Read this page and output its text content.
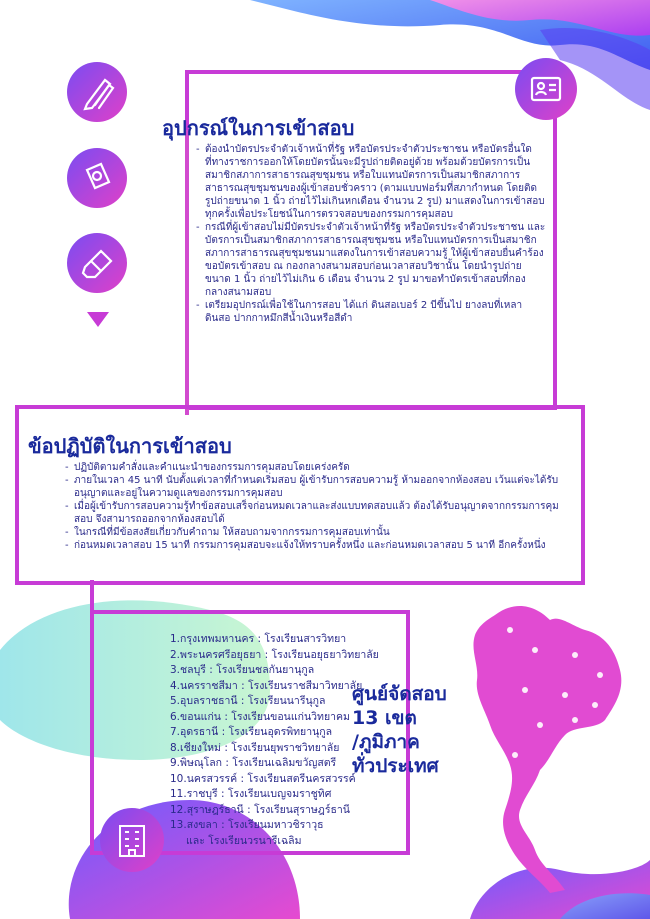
อุปกรณ์ในการเข้าสอบ
- ต้องนำบัตรประจำตัวเจ้าหน้าที่รัฐ หรือบัตรประจำตัวประชาชน หรือบัตรอื่นใดที่ทางราชการออกให้โดยบัตรนั้นจะมีรูปถ่ายติดอยู่ด้วย พร้อมด้วยบัตรการเป็นสมาชิกสภาการสาธารณสุขชุมชน หรือใบแทนบัตรการเป็นสมาชิกสภาการสาธารณสุขชุมชนของผู้เข้าสอบชั่วคราว (ตามแบบฟอร์มที่สภากำหนด โดยติดรูปถ่ายขนาด 1 นิ้ว ถ่ายไว้ไม่เกินหกเดือน จำนวน 2 รูป) มาแสดงในการเข้าสอบทุกครั้งเพื่อประโยชน์ในการตรวจสอบของกรรมการคุมสอบ
- กรณีที่ผู้เข้าสอบไม่มีบัตรประจำตัวเจ้าหน้าที่รัฐ หรือบัตรประจำตัวประชาชน และบัตรการเป็นสมาชิกสภาการสาธารณสุขชุมชน หรือใบแทนบัตรการเป็นสมาชิกสภาการสาธารณสุขชุมชนมาแสดงในการเข้าสอบความรู้ ให้ผู้เข้าสอบยื่นคำร้องขอบัตรเข้าสอบ ณ กองกลางสนามสอบก่อนเวลาสอบวิชานั้น โดยนำรูปถ่ายขนาด 1 นิ้ว ถ่ายไว้ไม่เกิน 6 เดือน จำนวน 2 รูป มาขอทำบัตรเข้าสอบที่กองกลางสนามสอบ
- เตรียมอุปกรณ์เพื่อใช้ในการสอบ ได้แก่ ดินสอเบอร์ 2 บีขึ้นไป ยางลบที่เหลาดินสอ ปากกาหมึกสีน้ำเงินหรือสีดำ
ข้อปฏิบัติในการเข้าสอบ
- ปฏิบัติตามคำสั่งและคำแนะนำของกรรมการคุมสอบโดยเคร่งครัด
- ภายในเวลา 45 นาที นับตั้งแต่เวลาที่กำหนดเริ่มสอบ ผู้เข้ารับการสอบความรู้ ห้ามออกจากห้องสอบ เว้นแต่จะได้รับอนุญาตและอยู่ในความดูแลของกรรมการคุมสอบ
- เมื่อผู้เข้ารับการสอบความรู้ทำข้อสอบเสร็จก่อนหมดเวลาและส่งแบบทดสอบแล้ว ต้องได้รับอนุญาตจากกรรมการคุมสอบ จึงสามารถออกจากห้องสอบได้
- ในกรณีที่มีข้อสงสัยเกี่ยวกับคำถาม ให้สอบถามจากกรรมการคุมสอบเท่านั้น
- ก่อนหมดเวลาสอบ 15 นาที กรรมการคุมสอบจะแจ้งให้ทราบครั้งหนึ่ง และก่อนหมดเวลาสอบ 5 นาที อีกครั้งหนึ่ง
1.กรุงเทพมหานคร : โรงเรียนสารวิทยา
2.พระนครศรีอยุธยา : โรงเรียนอยุธยาวิทยาลัย
3.ชลบุรี : โรงเรียนชลกันยานุกูล
4.นครราชสีมา : โรงเรียนราชสีมาวิทยาลัย
5.อุบลราชธานี : โรงเรียนนารีนุกูล
6.ขอนแก่น : โรงเรียนขอนแก่นวิทยาคม
7.อุดรธานี : โรงเรียนอุดรพิทยานุกูล
8.เชียงใหม่ : โรงเรียนยุพราชวิทยาลัย
9.พิษณุโลก : โรงเรียนเฉลิมขวัญสตรี
10.นครสวรรค์ : โรงเรียนสตรีนครสวรรค์
11.ราชบุรี : โรงเรียนเบญจมราชูทิศ
12.สุราษฎร์ธานี : โรงเรียนสุราษฎร์ธานี
13.สงขลา : โรงเรียนมหาวชิราวุธ
และ โรงเรียนวรนารีเฉลิม
ศูนย์จัดสอบ
13 เขต
/ภูมิภาค
ทั่วประเทศ
